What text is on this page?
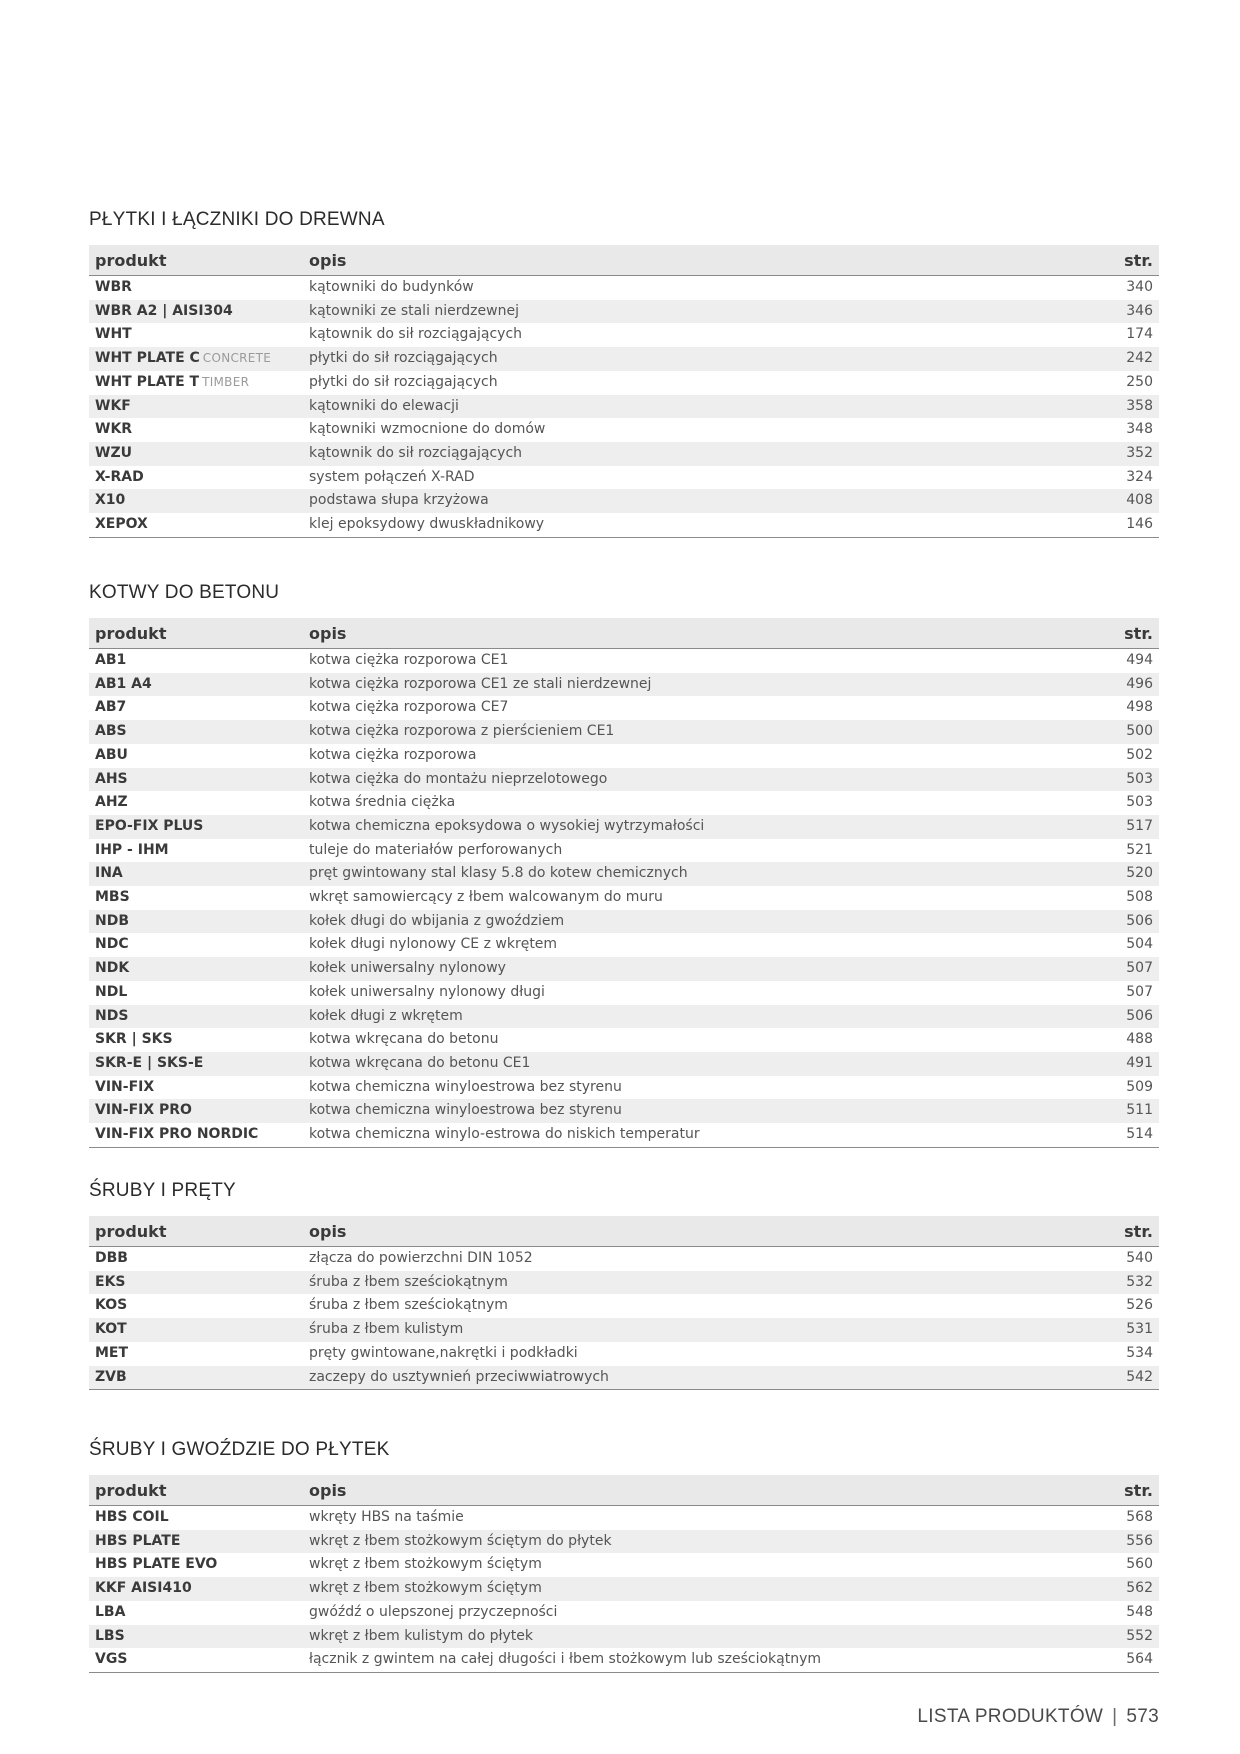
PŁYTKI I ŁĄCZNIKI DO DREWNA
produkt	opis	str.
WBR	kątowniki do budynków	340
WBR A2 | AISI304	kątowniki ze stali nierdzewnej	346
WHT	kątownik do sił rozciągających	174
WHT PLATE C CONCRETE	płytki do sił rozciągających	242
WHT PLATE T TIMBER	płytki do sił rozciągających	250
WKF	kątowniki do elewacji	358
WKR	kątowniki wzmocnione do domów	348
WZU	kątownik do sił rozciągających	352
X-RAD	system połączeń X-RAD	324
X10	podstawa słupa krzyżowa	408
XEPOX	klej epoksydowy dwuskładnikowy	146
KOTWY DO BETONU
produkt	opis	str.
AB1	kotwa ciężka rozporowa CE1	494
AB1 A4	kotwa ciężka rozporowa CE1 ze stali nierdzewnej	496
AB7	kotwa ciężka rozporowa CE7	498
ABS	kotwa ciężka rozporowa z pierścieniem CE1	500
ABU	kotwa ciężka rozporowa	502
AHS	kotwa ciężka do montażu nieprzelotowego	503
AHZ	kotwa średnia ciężka	503
EPO-FIX PLUS	kotwa chemiczna epoksydowa o wysokiej wytrzymałości	517
IHP - IHM	tuleje do materiałów perforowanych	521
INA	pręt gwintowany stal klasy 5.8 do kotew chemicznych	520
MBS	wkręt samowiercący z łbem walcowanym do muru	508
NDB	kołek długi do wbijania z gwoździem	506
NDC	kołek długi nylonowy CE z wkrętem	504
NDK	kołek uniwersalny nylonowy	507
NDL	kołek uniwersalny nylonowy długi	507
NDS	kołek długi z wkrętem	506
SKR | SKS	kotwa wkręcana do betonu	488
SKR-E | SKS-E	kotwa wkręcana do betonu CE1	491
VIN-FIX	kotwa chemiczna winyloestrowa bez styrenu	509
VIN-FIX PRO	kotwa chemiczna winyloestrowa bez styrenu	511
VIN-FIX PRO NORDIC	kotwa chemiczna winylo-estrowa do niskich temperatur	514
ŚRUBY I PRĘTY
produkt	opis	str.
DBB	złącza do powierzchni DIN 1052	540
EKS	śruba z łbem sześciokątnym	532
KOS	śruba z łbem sześciokątnym	526
KOT	śruba z łbem kulistym	531
MET	pręty gwintowane,nakrętki i podkładki	534
ZVB	zaczepy do usztywnień przeciwwiatrowych	542
ŚRUBY I GWOŹDZIE DO PŁYTEK
produkt	opis	str.
HBS COIL	wkręty HBS na taśmie	568
HBS PLATE	wkręt z łbem stożkowym ściętym do płytek	556
HBS PLATE EVO	wkręt z łbem stożkowym ściętym	560
KKF AISI410	wkręt z łbem stożkowym ściętym	562
LBA	gwóźdź o ulepszonej przyczepności	548
LBS	wkręt z łbem kulistym do płytek	552
VGS	łącznik z gwintem na całej długości i łbem stożkowym lub sześciokątnym	564
LISTA PRODUKTÓW | 573
